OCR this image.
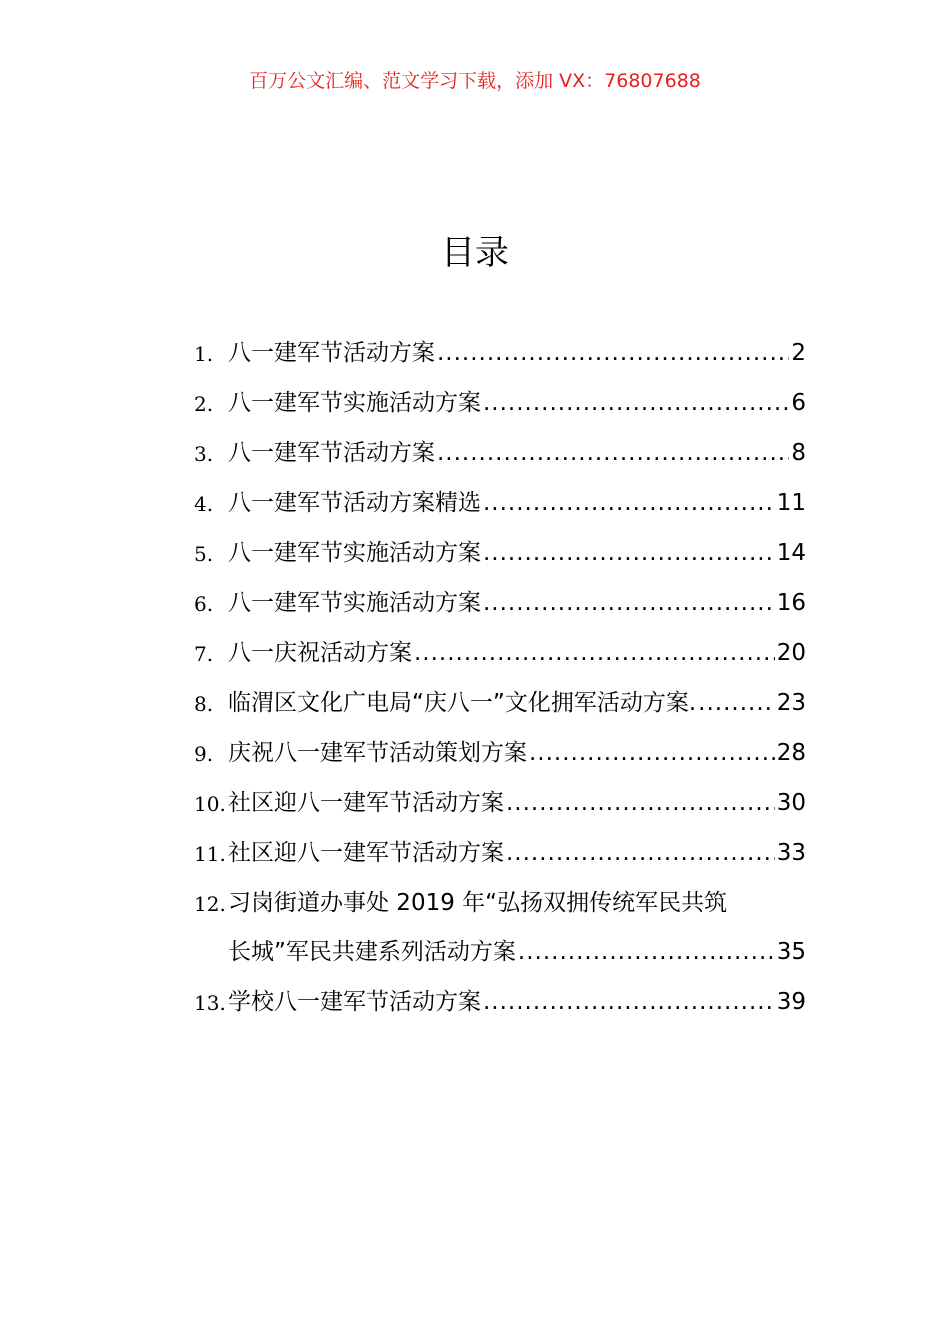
百万公文汇编、范文学习下载，添加 VX：76807688
目录
1. 八一建军节活动方案 .....	2
2. 八一建军节实施活动方案 .....	6
3. 八一建军节活动方案 .....	8
4. 八一建军节活动方案精选 .....	11
5. 八一建军节实施活动方案 .....	14
6. 八一建军节实施活动方案 .....	16
7. 八一庆祝活动方案 .....	20
8. 临渭区文化广电局“庆八一”文化拥军活动方案. .....	23
9. 庆祝八一建军节活动策划方案 .....	28
10. 社区迎八一建军节活动方案 .....	30
11. 社区迎八一建军节活动方案 .....	33
12. 习岗街道办事处 2019 年“弘扬双拥传统军民共筑
长城”军民共建系列活动方案 .....	35
13. 学校八一建军节活动方案 .....	39
